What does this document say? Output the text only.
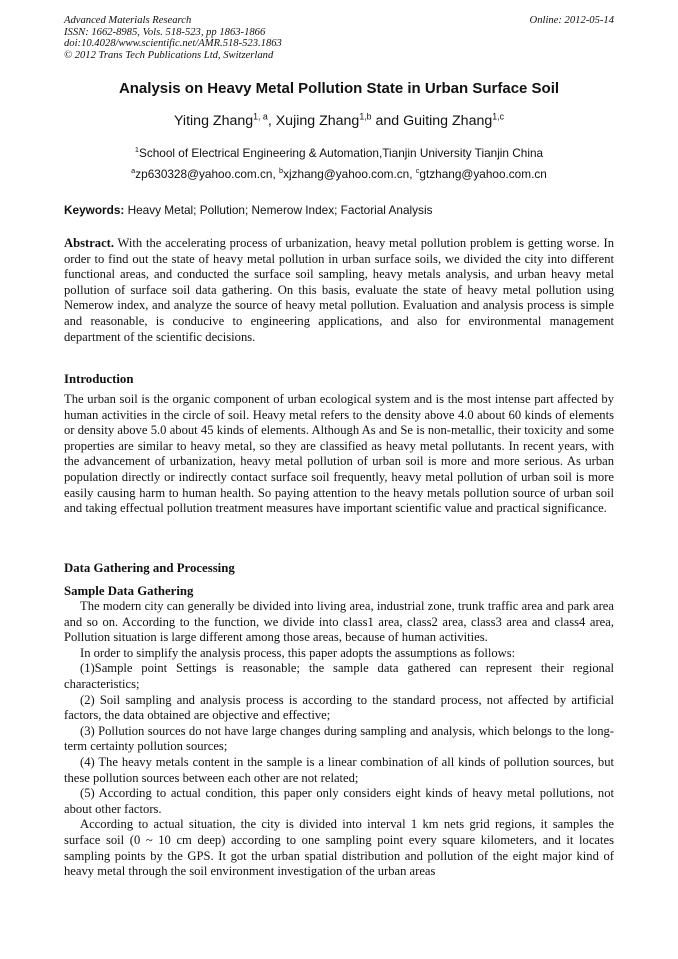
Advanced Materials Research
ISSN: 1662-8985, Vols. 518-523, pp 1863-1866
doi:10.4028/www.scientific.net/AMR.518-523.1863
© 2012 Trans Tech Publications Ltd, Switzerland
Online: 2012-05-14
Analysis on Heavy Metal Pollution State in Urban Surface Soil
Yiting Zhang$^{1, a}$, Xujing Zhang$^{1,b}$ and Guiting Zhang$^{1,c}$
$^1$School of Electrical Engineering & Automation,Tianjin University Tianjin China
$^a$zp630328@yahoo.com.cn, $^b$xjzhang@yahoo.com.cn, $^c$gtzhang@yahoo.com.cn
Keywords: Heavy Metal; Pollution; Nemerow Index; Factorial Analysis
Abstract. With the accelerating process of urbanization, heavy metal pollution problem is getting worse. In order to find out the state of heavy metal pollution in urban surface soils, we divided the city into different functional areas, and conducted the surface soil sampling, heavy metals analysis, and urban heavy metal pollution of surface soil data gathering. On this basis, evaluate the state of heavy metal pollution using Nemerow index, and analyze the source of heavy metal pollution. Evaluation and analysis process is simple and reasonable, is conducive to engineering applications, and also for environmental management department of the scientific decisions.
Introduction
The urban soil is the organic component of urban ecological system and is the most intense part affected by human activities in the circle of soil. Heavy metal refers to the density above 4.0 about 60 kinds of elements or density above 5.0 about 45 kinds of elements. Although As and Se is non-metallic, their toxicity and some properties are similar to heavy metal, so they are classified as heavy metal pollutants. In recent years, with the advancement of urbanization, heavy metal pollution of urban soil is more and more serious. As urban population directly or indirectly contact surface soil frequently, heavy metal pollution of urban soil is more easily causing harm to human health. So paying attention to the heavy metals pollution source of urban soil and taking effectual pollution treatment measures have important scientific value and practical significance.
Data Gathering and Processing
Sample Data Gathering
The modern city can generally be divided into living area, industrial zone, trunk traffic area and park area and so on. According to the function, we divide into class1 area, class2 area, class3 area and class4 area, Pollution situation is large different among those areas, because of human activities.
In order to simplify the analysis process, this paper adopts the assumptions as follows:
(1)Sample point Settings is reasonable; the sample data gathered can represent their regional characteristics;
(2) Soil sampling and analysis process is according to the standard process, not affected by artificial factors, the data obtained are objective and effective;
(3) Pollution sources do not have large changes during sampling and analysis, which belongs to the long-term certainty pollution sources;
(4) The heavy metals content in the sample is a linear combination of all kinds of pollution sources, but these pollution sources between each other are not related;
(5) According to actual condition, this paper only considers eight kinds of heavy metal pollutions, not about other factors.
According to actual situation, the city is divided into interval 1 km nets grid regions, it samples the surface soil (0 ~ 10 cm deep) according to one sampling point every square kilometers, and it locates sampling points by the GPS. It got the urban spatial distribution and pollution of the eight major kind of heavy metal through the soil environment investigation of the urban areas
